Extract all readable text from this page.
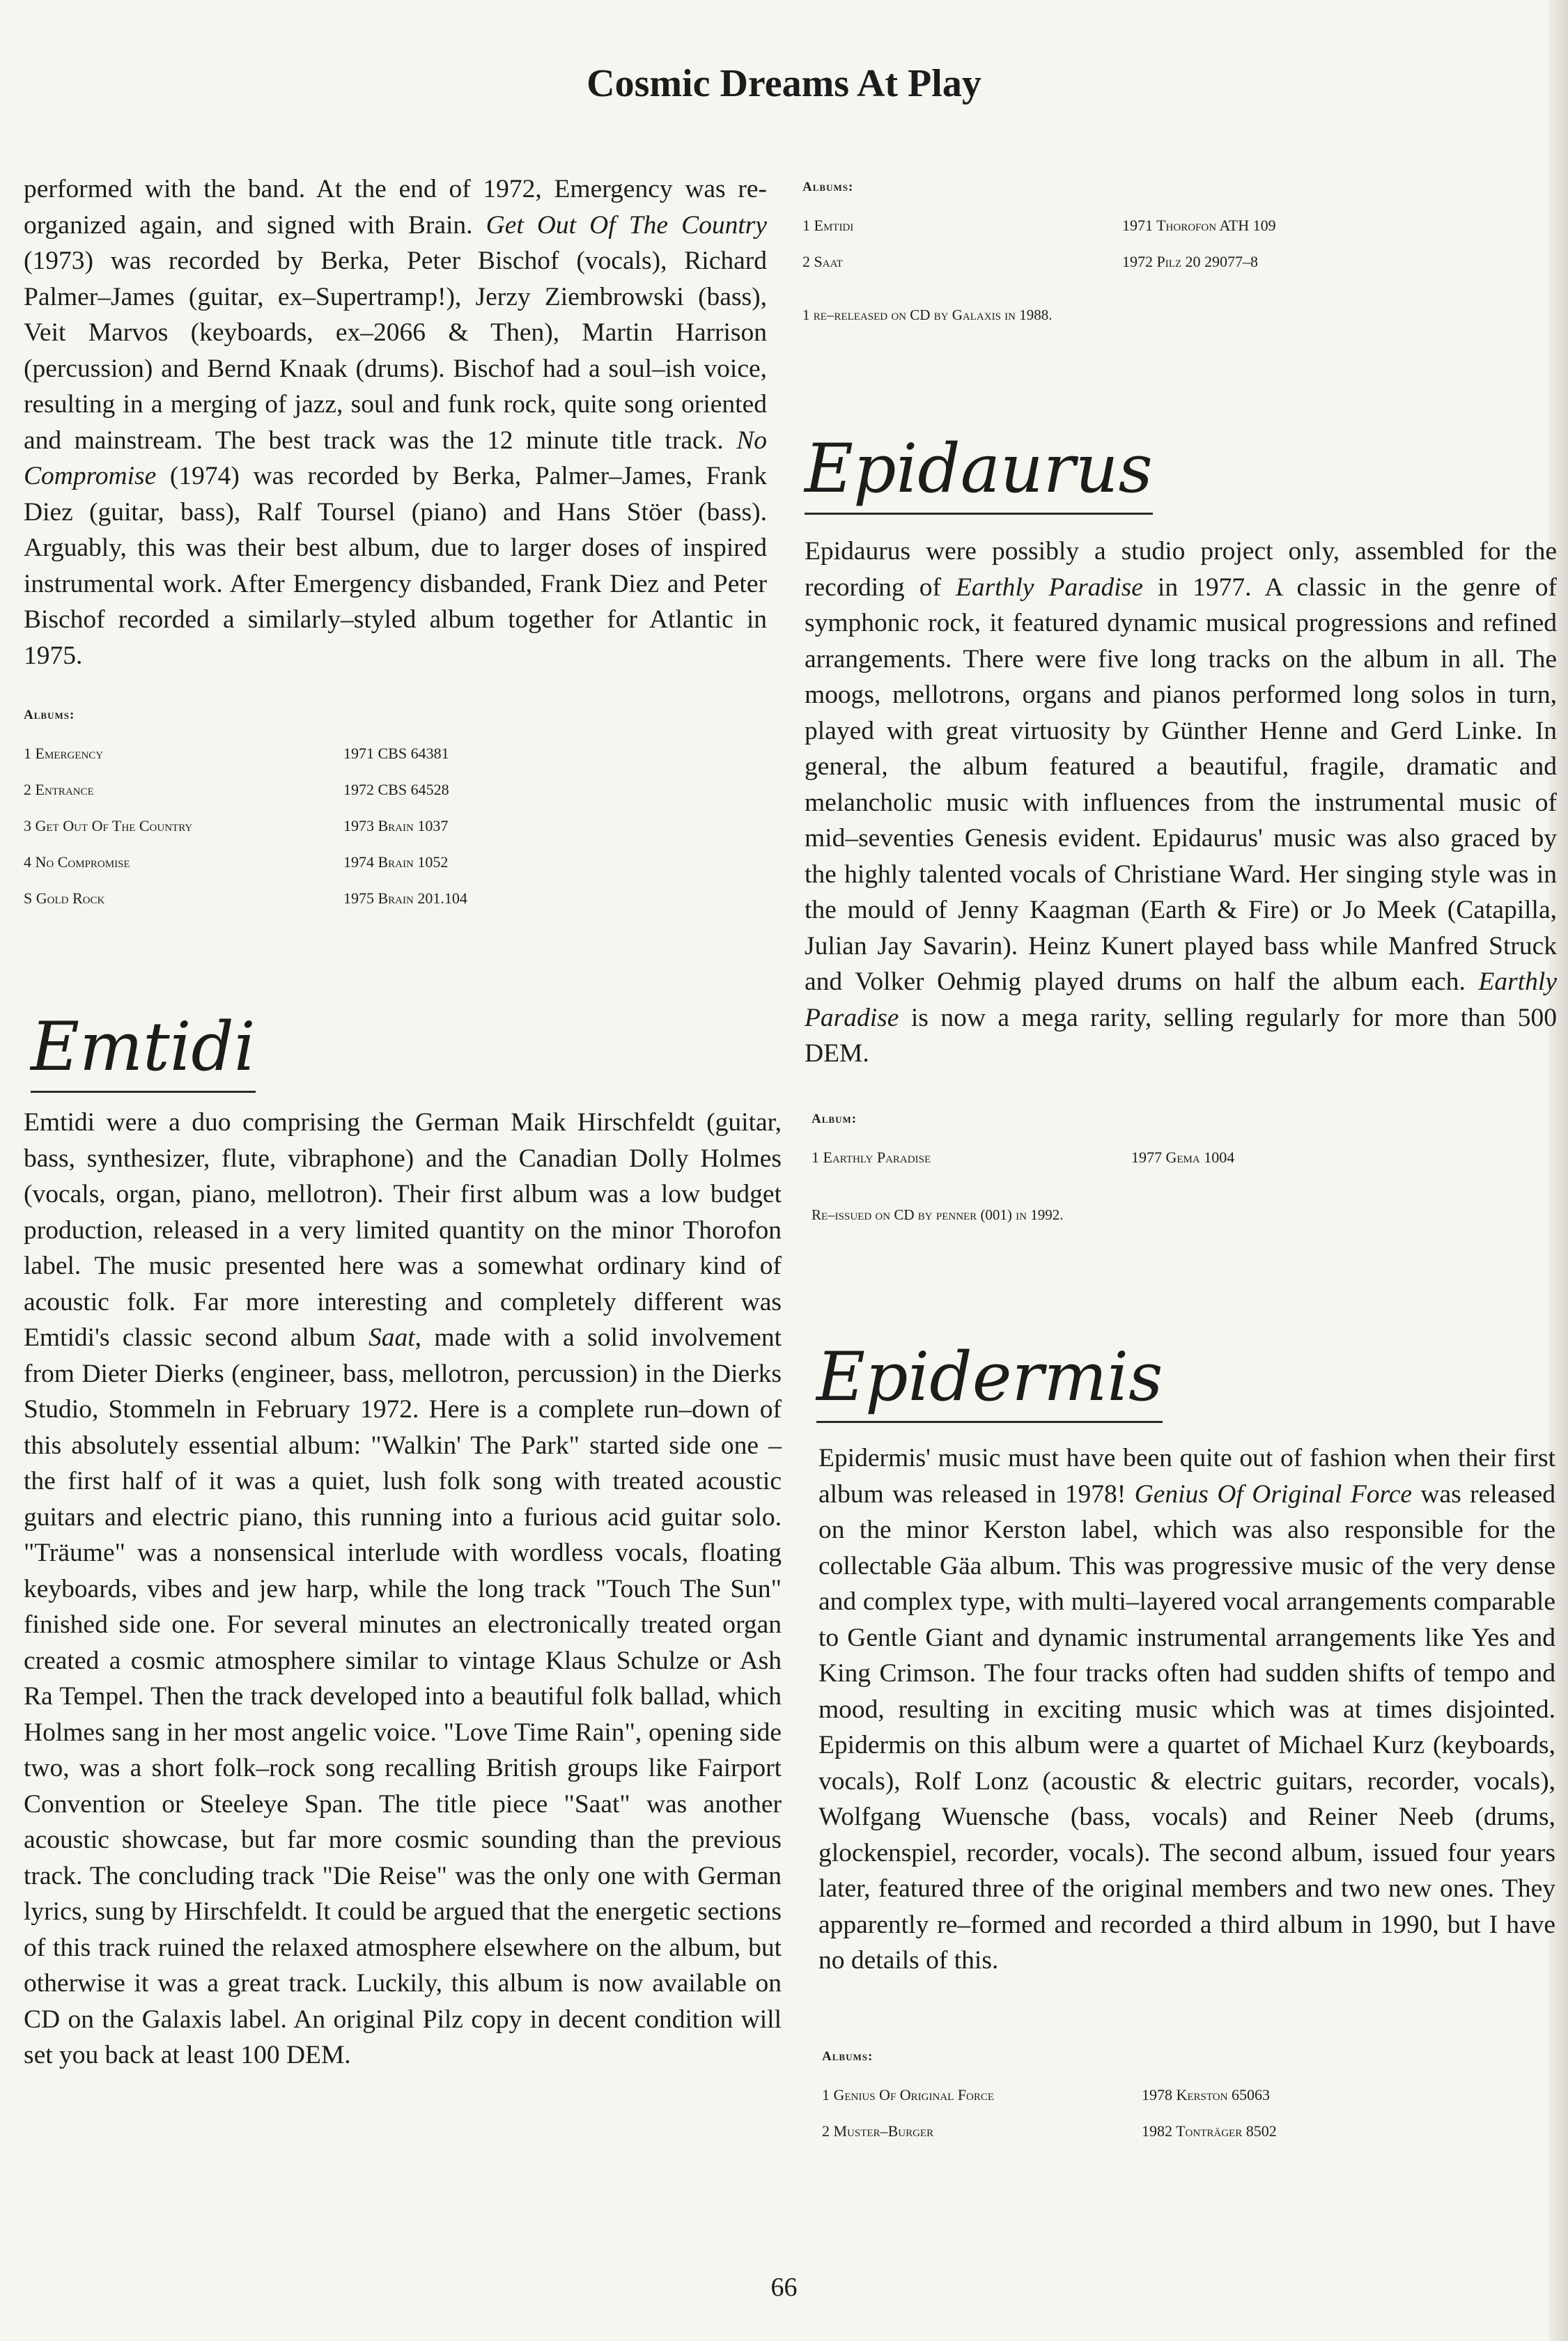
Cosmic Dreams At Play

performed with the band. At the end of 1972, Emergency was re-organized again, and signed with Brain. Get Out Of The Country (1973) was recorded by Berka, Peter Bischof (vocals), Richard Palmer–James (guitar, ex–Supertramp!), Jerzy Ziembrowski (bass), Veit Marvos (keyboards, ex–2066 & Then), Martin Harrison (percussion) and Bernd Knaak (drums). Bischof had a soul–ish voice, resulting in a merging of jazz, soul and funk rock, quite song oriented and mainstream. The best track was the 12 minute title track. No Compromise (1974) was recorded by Berka, Palmer–James, Frank Diez (guitar, bass), Ralf Toursel (piano) and Hans Stöer (bass). Arguably, this was their best album, due to larger doses of inspired instrumental work. After Emergency disbanded, Frank Diez and Peter Bischof recorded a similarly–styled album together for Atlantic in 1975.

Albums:

1 Emergency	1971 CBS 64381
2 Entrance	1972 CBS 64528
3 Get Out Of The Country	1973 Brain 1037
4 No Compromise	1974 Brain 1052
S Gold Rock	1975 Brain 201.104

Emtidi

Emtidi were a duo comprising the German Maik Hirschfeldt (guitar, bass, synthesizer, flute, vibraphone) and the Canadian Dolly Holmes (vocals, organ, piano, mellotron). Their first album was a low budget production, released in a very limited quantity on the minor Thorofon label. The music presented here was a somewhat ordinary kind of acoustic folk. Far more interesting and completely different was Emtidi's classic second album Saat, made with a solid involvement from Dieter Dierks (engineer, bass, mellotron, percussion) in the Dierks Studio, Stommeln in February 1972. Here is a complete run–down of this absolutely essential album: "Walkin' The Park" started side one – the first half of it was a quiet, lush folk song with treated acoustic guitars and electric piano, this running into a furious acid guitar solo. "Träume" was a nonsensical interlude with wordless vocals, floating keyboards, vibes and jew harp, while the long track "Touch The Sun" finished side one. For several minutes an electronically treated organ created a cosmic atmosphere similar to vintage Klaus Schulze or Ash Ra Tempel. Then the track developed into a beautiful folk ballad, which Holmes sang in her most angelic voice. "Love Time Rain", opening side two, was a short folk–rock song recalling British groups like Fairport Convention or Steeleye Span. The title piece "Saat" was another acoustic showcase, but far more cosmic sounding than the previous track. The concluding track "Die Reise" was the only one with German lyrics, sung by Hirschfeldt. It could be argued that the energetic sections of this track ruined the relaxed atmosphere elsewhere on the album, but otherwise it was a great track. Luckily, this album is now available on CD on the Galaxis label. An original Pilz copy in decent condition will set you back at least 100 DEM.

Albums:

1 Emtidi	1971 Thorofon ATH 109
2 Saat	1972 Pilz 20 29077–8

1 re–released on CD by Galaxis in 1988.

Epidaurus

Epidaurus were possibly a studio project only, assembled for the recording of Earthly Paradise in 1977. A classic in the genre of symphonic rock, it featured dynamic musical progressions and refined arrangements. There were five long tracks on the album in all. The moogs, mellotrons, organs and pianos performed long solos in turn, played with great virtuosity by Günther Henne and Gerd Linke. In general, the album featured a beautiful, fragile, dramatic and melancholic music with influences from the instrumental music of mid–seventies Genesis evident. Epidaurus' music was also graced by the highly talented vocals of Christiane Ward. Her singing style was in the mould of Jenny Kaagman (Earth & Fire) or Jo Meek (Catapilla, Julian Jay Savarin). Heinz Kunert played bass while Manfred Struck and Volker Oehmig played drums on half the album each. Earthly Paradise is now a mega rarity, selling regularly for more than 500 DEM.

Album:

1 Earthly Paradise	1977 Gema 1004

Re–issued on CD by penner (001) in 1992.

Epidermis

Epidermis' music must have been quite out of fashion when their first album was released in 1978! Genius Of Original Force was released on the minor Kerston label, which was also responsible for the collectable Gäa album. This was progressive music of the very dense and complex type, with multi–layered vocal arrangements comparable to Gentle Giant and dynamic instrumental arrangements like Yes and King Crimson. The four tracks often had sudden shifts of tempo and mood, resulting in exciting music which was at times disjointed. Epidermis on this album were a quartet of Michael Kurz (keyboards, vocals), Rolf Lonz (acoustic & electric guitars, recorder, vocals), Wolfgang Wuensche (bass, vocals) and Reiner Neeb (drums, glockenspiel, recorder, vocals). The second album, issued four years later, featured three of the original members and two new ones. They apparently re–formed and recorded a third album in 1990, but I have no details of this.

Albums:

1 Genius Of Original Force	1978 Kerston 65063
2 Muster–Burger	1982 Tonträger 8502
66
